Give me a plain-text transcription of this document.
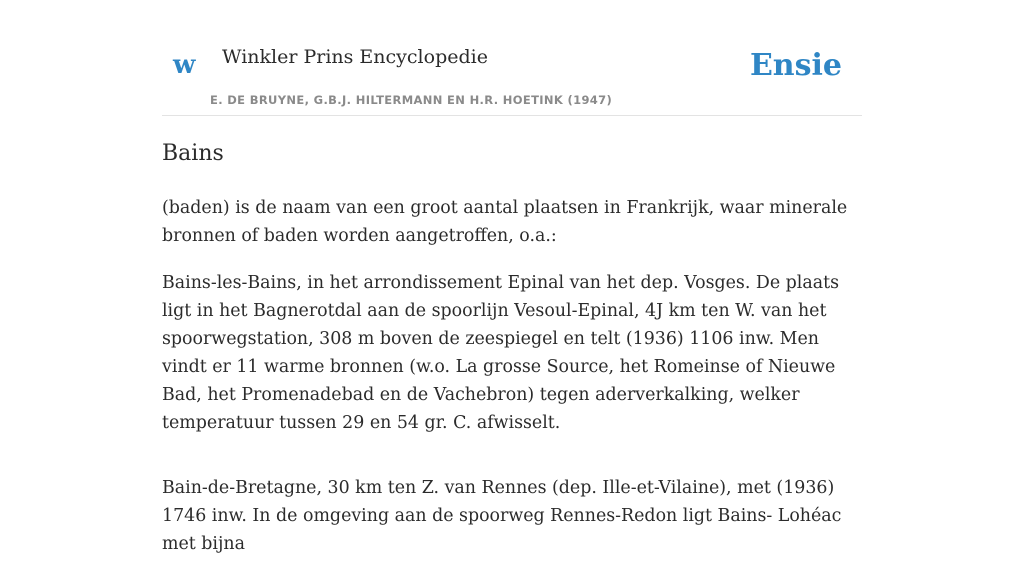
w Winkler Prins Encyclopedie
E. DE BRUYNE, G.B.J. HILTERMANN EN H.R. HOETINK (1947)
Ensie
Bains

(baden) is de naam van een groot aantal plaatsen in Frankrijk, waar minerale bronnen of baden worden aangetroffen, o.a.:

Bains-les-Bains, in het arrondissement Epinal van het dep. Vosges. De plaats ligt in het Bagnerotdal aan de spoorlijn Vesoul-Epinal, 4J km ten W. van het spoorwegstation, 308 m boven de zeespiegel en telt (1936) 1106 inw. Men vindt er 11 warme bronnen (w.o. La grosse Source, het Romeinse of Nieuwe Bad, het Promenadebad en de Vachebron) tegen aderverkalking, welker temperatuur tussen 29 en 54 gr. C. afwisselt.

Bain-de-Bretagne, 30 km ten Z. van Rennes (dep. Ille-et-Vilaine), met (1936) 1746 inw. In de omgeving aan de spoorweg Rennes-Redon ligt Bains- Lohéac met bijna
